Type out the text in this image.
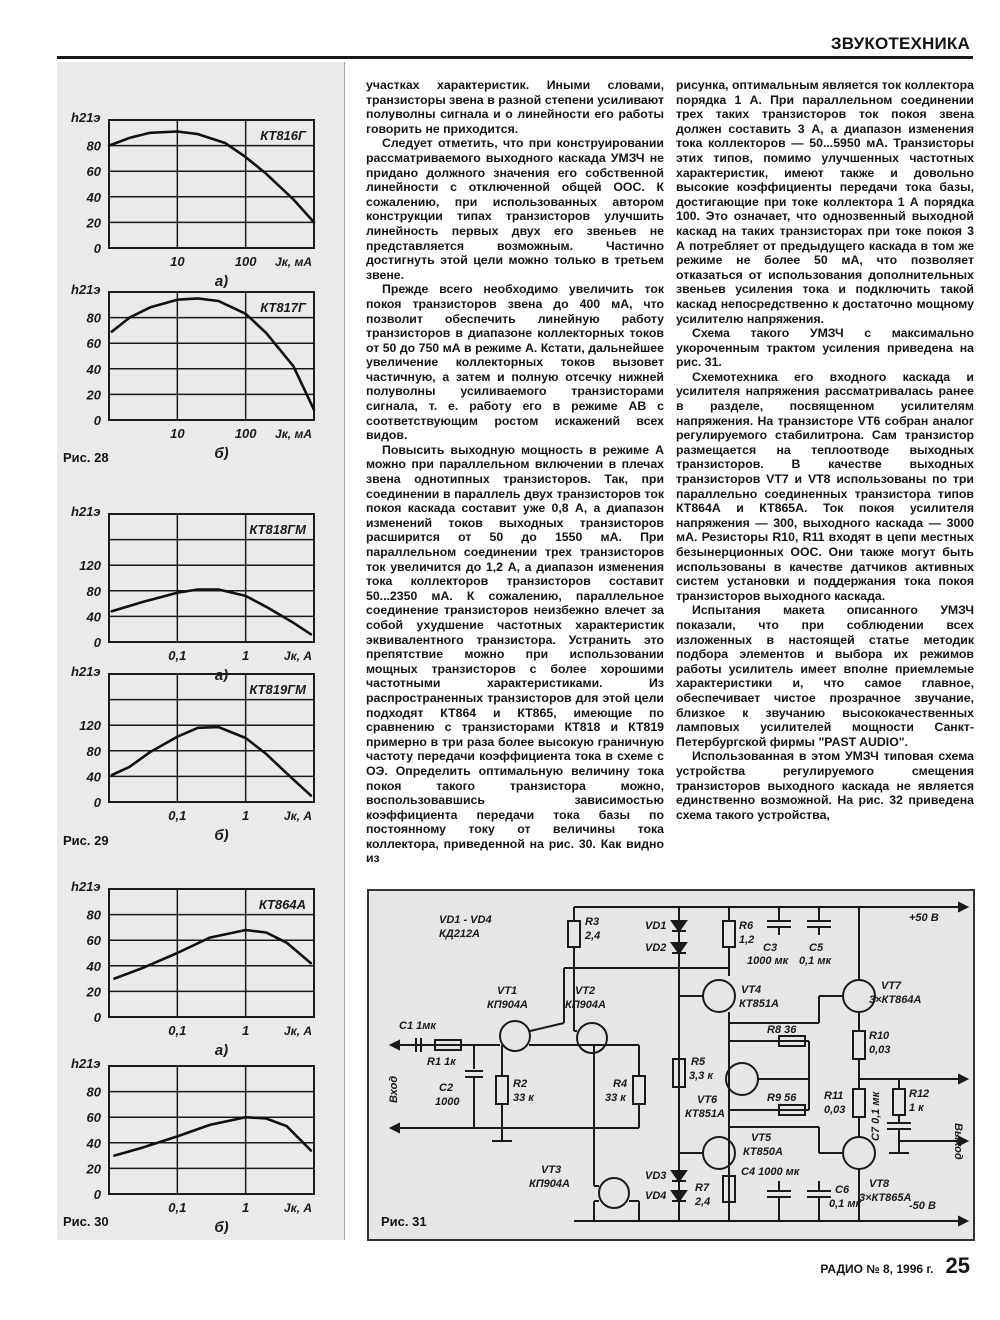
ЗВУКОТЕХНИКА
0
20
40
60
80
10	100
h21э
Jк, мА
а)
КТ816Г
0
20
40
60
80
10	100
h21э
Jк, мА
б)
КТ817Г
Рис. 28
0
40
80
120
0,1	1
h21э
Jк, А
а)
КТ818ГМ
0
40
80
120
0,1	1
h21э
Jк, А
б)
КТ819ГМ
Рис. 29
0
20
40
60
80
0,1	1
h21э
Jк, А
а)
КТ864А
0
20
40
60
80
0,1	1
h21э
Jк, А
б)
Рис. 30

участках характеристик. Иными словами, транзисторы звена в разной степени усиливают полуволны сигнала и о линейности его работы говорить не приходится.

Следует отметить, что при конструировании рассматриваемого выходного каскада УМЗЧ не придано должного значения его собственной линейности с отключенной общей ООС. К сожалению, при использованных автором конструкции типах транзисторов улучшить линейность первых двух его звеньев не представляется возможным. Частично достигнуть этой цели можно только в третьем звене.

Прежде всего необходимо увеличить ток покоя транзисторов звена до 400 мА, что позволит обеспечить линейную работу транзисторов в диапазоне коллекторных токов от 50 до 750 мА в режиме А. Кстати, дальнейшее увеличение коллекторных токов вызовет частичную, а затем и полную отсечку нижней полуволны усиливаемого транзисторами сигнала, т. е. работу его в режиме АВ с соответствующим ростом искажений всех видов.

Повысить выходную мощность в режиме А можно при параллельном включении в плечах звена однотипных транзисторов. Так, при соединении в параллель двух транзисторов ток покоя каскада составит уже 0,8 А, а диапазон изменений токов выходных транзисторов расширится от 50 до 1550 мА. При параллельном соединении трех транзисторов ток увеличится до 1,2 А, а диапазон изменения тока коллекторов транзисторов составит 50...2350 мА. К сожалению, параллельное соединение транзисторов неизбежно влечет за собой ухудшение частотных характеристик эквивалентного транзистора. Устранить это препятствие можно при использовании мощных транзисторов с более хорошими частотными характеристиками. Из распространенных транзисторов для этой цели подходят КТ864 и КТ865, имеющие по сравнению с транзисторами КТ818 и КТ819 примерно в три раза более высокую граничную частоту передачи коэффициента тока в схеме с ОЭ. Определить оптимальную величину тока покоя такого транзистора можно, воспользовавшись зависимостью коэффициента передачи тока базы по постоянному току от величины тока коллектора, приведенной на рис. 30. Как видно из

рисунка, оптимальным является ток коллектора порядка 1 А. При параллельном соединении трех таких транзисторов ток покоя звена должен составить 3 А, а диапазон изменения тока коллекторов — 50...5950 мА. Транзисторы этих типов, помимо улучшенных частотных характеристик, имеют также и довольно высокие коэффициенты передачи тока базы, достигающие при токе коллектора 1 А порядка 100. Это означает, что однозвенный выходной каскад на таких транзисторах при токе покоя 3 А потребляет от предыдущего каскада в том же режиме не более 50 мА, что позволяет отказаться от использования дополнительных звеньев усиления тока и подключить такой каскад непосредственно к достаточно мощному усилителю напряжения.

Схема такого УМЗЧ с максимально укороченным трактом усиления приведена на рис. 31.

Схемотехника его входного каскада и усилителя напряжения рассматривалась ранее в разделе, посвященном усилителям напряжения. На транзисторе VT6 собран аналог регулируемого стабилитрона. Сам транзистор размещается на теплоотводе выходных транзисторов. В качестве выходных транзисторов VT7 и VT8 использованы по три параллельно соединенных транзистора типов КТ864А и КТ865А. Ток покоя усилителя напряжения — 300, выходного каскада — 3000 мА. Резисторы R10, R11 входят в цепи местных безынерционных ООС. Они также могут быть использованы в качестве датчиков активных систем установки и поддержания тока покоя транзисторов выходного каскада.

Испытания макета описанного УМЗЧ показали, что при соблюдении всех изложенных в настоящей статье методик подбора элементов и выбора их режимов работы усилитель имеет вполне приемлемые характеристики и, что самое главное, обеспечивает чистое прозрачное звучание, близкое к звучанию высококачественных ламповых усилителей мощности Санкт-Петербургской фирмы "PAST AUDIO".

Использованная в этом УМЗЧ типовая схема устройства регулируемого смещения транзисторов выходного каскада не является единственно возможной. На рис. 32 приведена схема такого устройства,

VD1 - VD4
КД212А
R3
2,4
VD1
VD2
R6
1,2
C3
1000 мк
C5
0,1 мк
+50 В
-50 В
VT1
КП904А
VT2
КП904А
VT4
КТ851А
VT7
3×КТ864А
C1 1мк
R1 1к
C2
1000
R2
33 к
R4
33 к
R5
3,3 к
VT6
КТ851А
R8 36
R9 56
R10
0,03
R11
0,03
R12
1 к
C7 0,1 мк
VT5
КТ850А
C4 1000 мк
C6
0,1 мк
R7
2,4
VT8
3×КТ865А
VT3
КП904А
VD3
VD4
Вход
Выход
Рис. 31
РАДИО № 8, 1996 г. 25
